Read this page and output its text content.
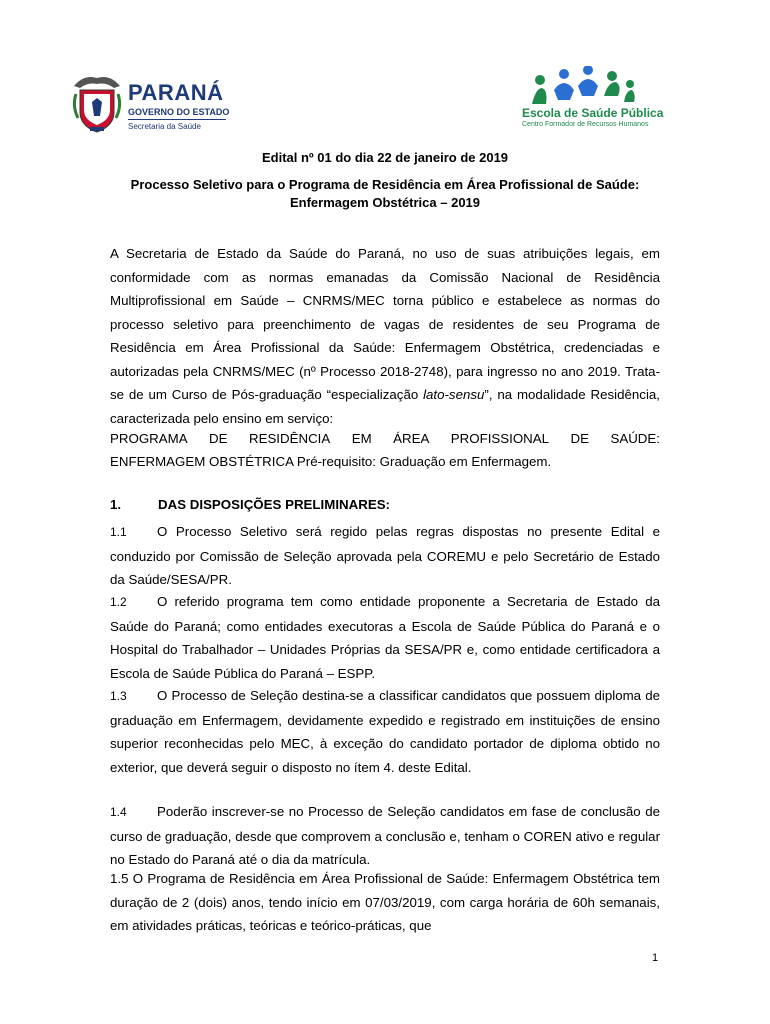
PARANÁ
GOVERNO DO ESTADO
Secretaria da Saúde
Escola de Saúde Pública
Centro Formador de Recursos Humanos
Edital nº 01 do dia 22 de janeiro de 2019
Processo Seletivo para o Programa de Residência em Área Profissional de Saúde: Enfermagem Obstétrica – 2019
A Secretaria de Estado da Saúde do Paraná, no uso de suas atribuições legais, em conformidade com as normas emanadas da Comissão Nacional de Residência Multiprofissional em Saúde – CNRMS/MEC torna público e estabelece as normas do processo seletivo para preenchimento de vagas de residentes de seu Programa de Residência em Área Profissional da Saúde: Enfermagem Obstétrica, credenciadas e autorizadas pela CNRMS/MEC (nº Processo 2018-2748), para ingresso no ano 2019. Trata-se de um Curso de Pós-graduação “especialização lato-sensu”, na modalidade Residência, caracterizada pelo ensino em serviço:
PROGRAMA DE RESIDÊNCIA EM ÁREA PROFISSIONAL DE SAÚDE:
ENFERMAGEM OBSTÉTRICA Pré-requisito: Graduação em Enfermagem.
1.	DAS DISPOSIÇÕES PRELIMINARES:
1.1 O Processo Seletivo será regido pelas regras dispostas no presente Edital e conduzido por Comissão de Seleção aprovada pela COREMU e pelo Secretário de Estado da Saúde/SESA/PR.
1.2 O referido programa tem como entidade proponente a Secretaria de Estado da Saúde do Paraná; como entidades executoras a Escola de Saúde Pública do Paraná e o Hospital do Trabalhador – Unidades Próprias da SESA/PR e, como entidade certificadora a Escola de Saúde Pública do Paraná – ESPP.
1.3 O Processo de Seleção destina-se a classificar candidatos que possuem diploma de graduação em Enfermagem, devidamente expedido e registrado em instituições de ensino superior reconhecidas pelo MEC, à exceção do candidato portador de diploma obtido no exterior, que deverá seguir o disposto no ítem 4. deste Edital.
1.4 Poderão inscrever-se no Processo de Seleção candidatos em fase de conclusão de curso de graduação, desde que comprovem a conclusão e, tenham o COREN ativo e regular no Estado do Paraná até o dia da matrícula.
1.5 O Programa de Residência em Área Profissional de Saúde: Enfermagem Obstétrica tem duração de 2 (dois) anos, tendo início em 07/03/2019, com carga horária de 60h semanais, em atividades práticas, teóricas e teórico-práticas, que
1
